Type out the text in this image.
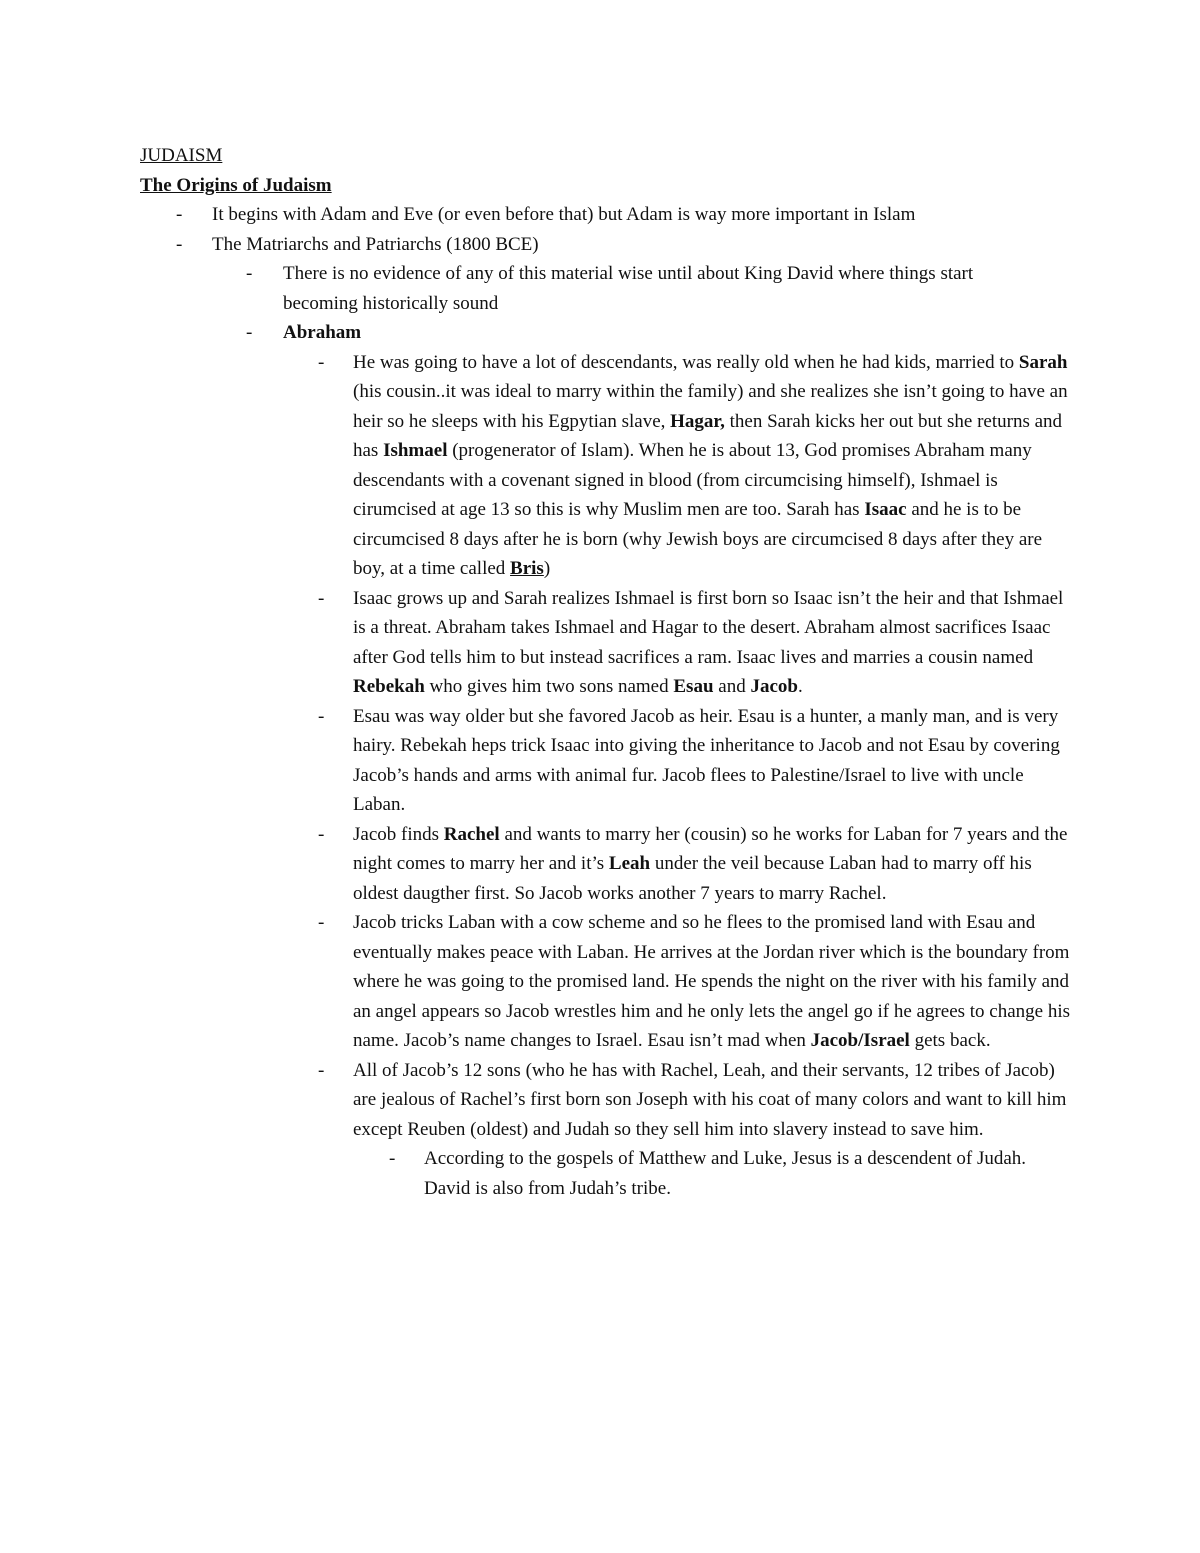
JUDAISM
The Origins of Judaism
- It begins with Adam and Eve (or even before that) but Adam is way more important in Islam
- The Matriarchs and Patriarchs (1800 BCE)
- There is no evidence of any of this material wise until about King David where things start becoming historically sound
- Abraham
- He was going to have a lot of descendants, was really old when he had kids, married to Sarah (his cousin..it was ideal to marry within the family) and she realizes she isn’t going to have an heir so he sleeps with his Egpytian slave, Hagar, then Sarah kicks her out but she returns and has Ishmael (progenerator of Islam). When he is about 13, God promises Abraham many descendants with a covenant signed in blood (from circumcising himself), Ishmael is cirumcised at age 13 so this is why Muslim men are too. Sarah has Isaac and he is to be circumcised 8 days after he is born (why Jewish boys are circumcised 8 days after they are boy, at a time called Bris)
- Isaac grows up and Sarah realizes Ishmael is first born so Isaac isn’t the heir and that Ishmael is a threat. Abraham takes Ishmael and Hagar to the desert. Abraham almost sacrifices Isaac after God tells him to but instead sacrifices a ram. Isaac lives and marries a cousin named Rebekah who gives him two sons named Esau and Jacob.
- Esau was way older but she favored Jacob as heir. Esau is a hunter, a manly man, and is very hairy. Rebekah heps trick Isaac into giving the inheritance to Jacob and not Esau by covering Jacob’s hands and arms with animal fur. Jacob flees to Palestine/Israel to live with uncle Laban.
- Jacob finds Rachel and wants to marry her (cousin) so he works for Laban for 7 years and the night comes to marry her and it’s Leah under the veil because Laban had to marry off his oldest daugther first. So Jacob works another 7 years to marry Rachel.
- Jacob tricks Laban with a cow scheme and so he flees to the promised land with Esau and eventually makes peace with Laban. He arrives at the Jordan river which is the boundary from where he was going to the promised land. He spends the night on the river with his family and an angel appears so Jacob wrestles him and he only lets the angel go if he agrees to change his name. Jacob’s name changes to Israel. Esau isn’t mad when Jacob/Israel gets back.
- All of Jacob’s 12 sons (who he has with Rachel, Leah, and their servants, 12 tribes of Jacob) are jealous of Rachel’s first born son Joseph with his coat of many colors and want to kill him except Reuben (oldest) and Judah so they sell him into slavery instead to save him.
- According to the gospels of Matthew and Luke, Jesus is a descendent of Judah. David is also from Judah’s tribe.
